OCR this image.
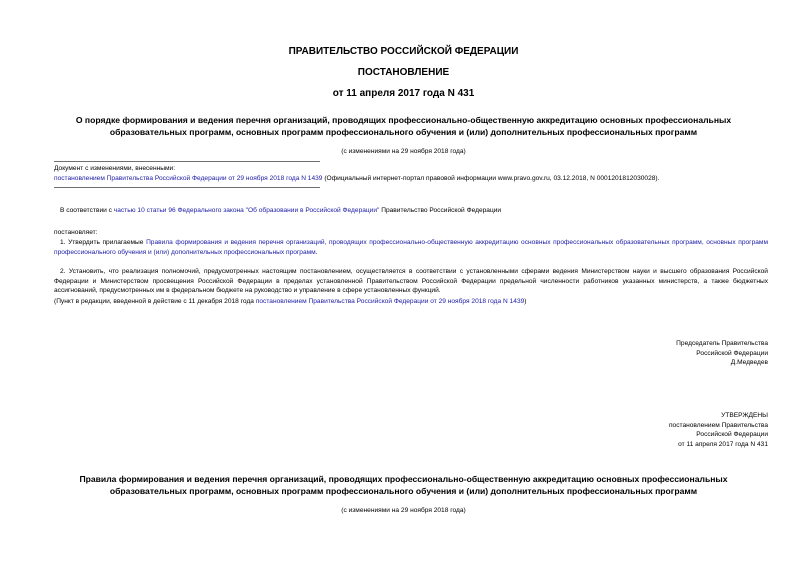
ПРАВИТЕЛЬСТВО РОССИЙСКОЙ ФЕДЕРАЦИИ
ПОСТАНОВЛЕНИЕ
от 11 апреля 2017 года N 431
О порядке формирования и ведения перечня организаций, проводящих профессионально-общественную аккредитацию основных профессиональных
образовательных программ, основных программ профессионального обучения и (или) дополнительных профессиональных программ
(с изменениями на 29 ноября 2018 года)
Документ с изменениями, внесенными:
постановлением Правительства Российской Федерации от 29 ноября 2018 года N 1439 (Официальный интернет-портал правовой информации www.pravo.gov.ru, 03.12.2018, N 0001201812030028).
В соответствии с частью 10 статьи 96 Федерального закона "Об образовании в Российской Федерации" Правительство Российской Федерации
постановляет:
1. Утвердить прилагаемые Правила формирования и ведения перечня организаций, проводящих профессионально-общественную аккредитацию основных профессиональных образовательных программ, основных программ профессионального обучения и (или) дополнительных профессиональных программ.
2. Установить, что реализация полномочий, предусмотренных настоящим постановлением, осуществляется в соответствии с установленными сферами ведения Министерством науки и высшего образования Российской Федерации и Министерством просвещения Российской Федерации в пределах установленной Правительством Российской Федерации предельной численности работников указанных министерств, а также бюджетных ассигнований, предусмотренных им в федеральном бюджете на руководство и управление в сфере установленных функций.
(Пункт в редакции, введенной в действие с 11 декабря 2018 года постановлением Правительства Российской Федерации от 29 ноября 2018 года N 1439)
Председатель Правительства
Российской Федерации
Д.Медведев
УТВЕРЖДЕНЫ
постановлением Правительства
Российской Федерации
от 11 апреля 2017 года N 431
Правила формирования и ведения перечня организаций, проводящих профессионально-общественную аккредитацию основных профессиональных
образовательных программ, основных программ профессионального обучения и (или) дополнительных профессиональных программ
(с изменениями на 29 ноября 2018 года)
